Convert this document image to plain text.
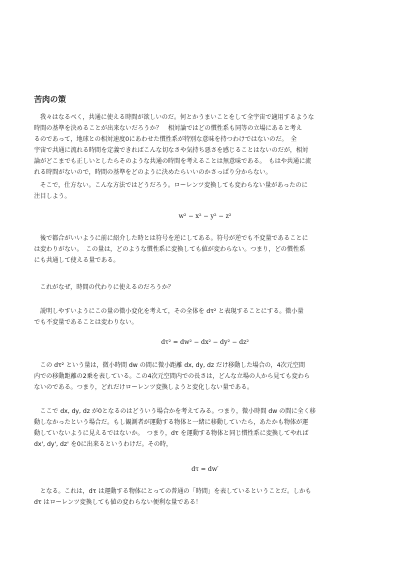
苦肉の策

我々はなるべく，共通に使える時間が欲しいのだ。何とかうまいことをして全宇宙で適用するような
時間の基準を決めることが出来ないだろうか？　相対論ではどの慣性系も同等の立場にあると考え
るのであって，地球との相対速度0にあわせた慣性系が特別な意味を持つわけではないのだ。　全
宇宙で共通に流れる時間を定義できればこんな切なさや気持ち悪さを感じることはないのだが，相対
論がどこまでも正しいとしたらそのような共通の時間を考えることは無意味である。　もはや共通に流
れる時間がないので，時間の基準をどのように決めたらいいのかさっぱり分からない。

そこで，仕方ない。こんな方法ではどうだろう。ローレンツ変換しても変わらない量があったのに
注目しよう。

w² − x² − y² − z²

後で都合がいいように前に紹介した時とは符号を逆にしてある。符号が逆でも不変量であることに
は変わりがない。　この量は，どのような慣性系に変換しても値が変わらない。つまり，どの慣性系
にも共通して使える量である。

これがなぜ，時間の代わりに使えるのだろうか？

説明しやすいようにこの量の微小変化を考えて，その全体を dτ² と表現することにする。微小量
でも不変量であることは変わりない。

dτ² = dw² − dx² − dy² − dz²

この dτ² という量は，微小時間 dw の間に微小距離 dx, dy, dz だけ移動した場合の，4次元空間
内での移動距離の2乗を表している。この4次元空間内での長さは，どんな立場の人から見ても変わら
ないのである。つまり，どれだけローレンツ変換しようと変化しない量である。

ここで dx, dy, dz が0となるのはどういう場合かを考えてみる。つまり，微小時間 dw の間に全く移
動しなかったという場合だ。もし観測者が運動する物体と一緒に移動していたら，あたかも物体が運
動していないように見えるではないか。　つまり，dτ を運動する物体と同じ慣性系に変換してやれば
dx', dy', dz' を0に出来るというわけだ。その時，

dτ = dw′

となる。これは，dτ は運動する物体にとっての普通の「時間」を表しているということだ。しかも
dτ はローレンツ変換しても値の変わらない便利な量である！
